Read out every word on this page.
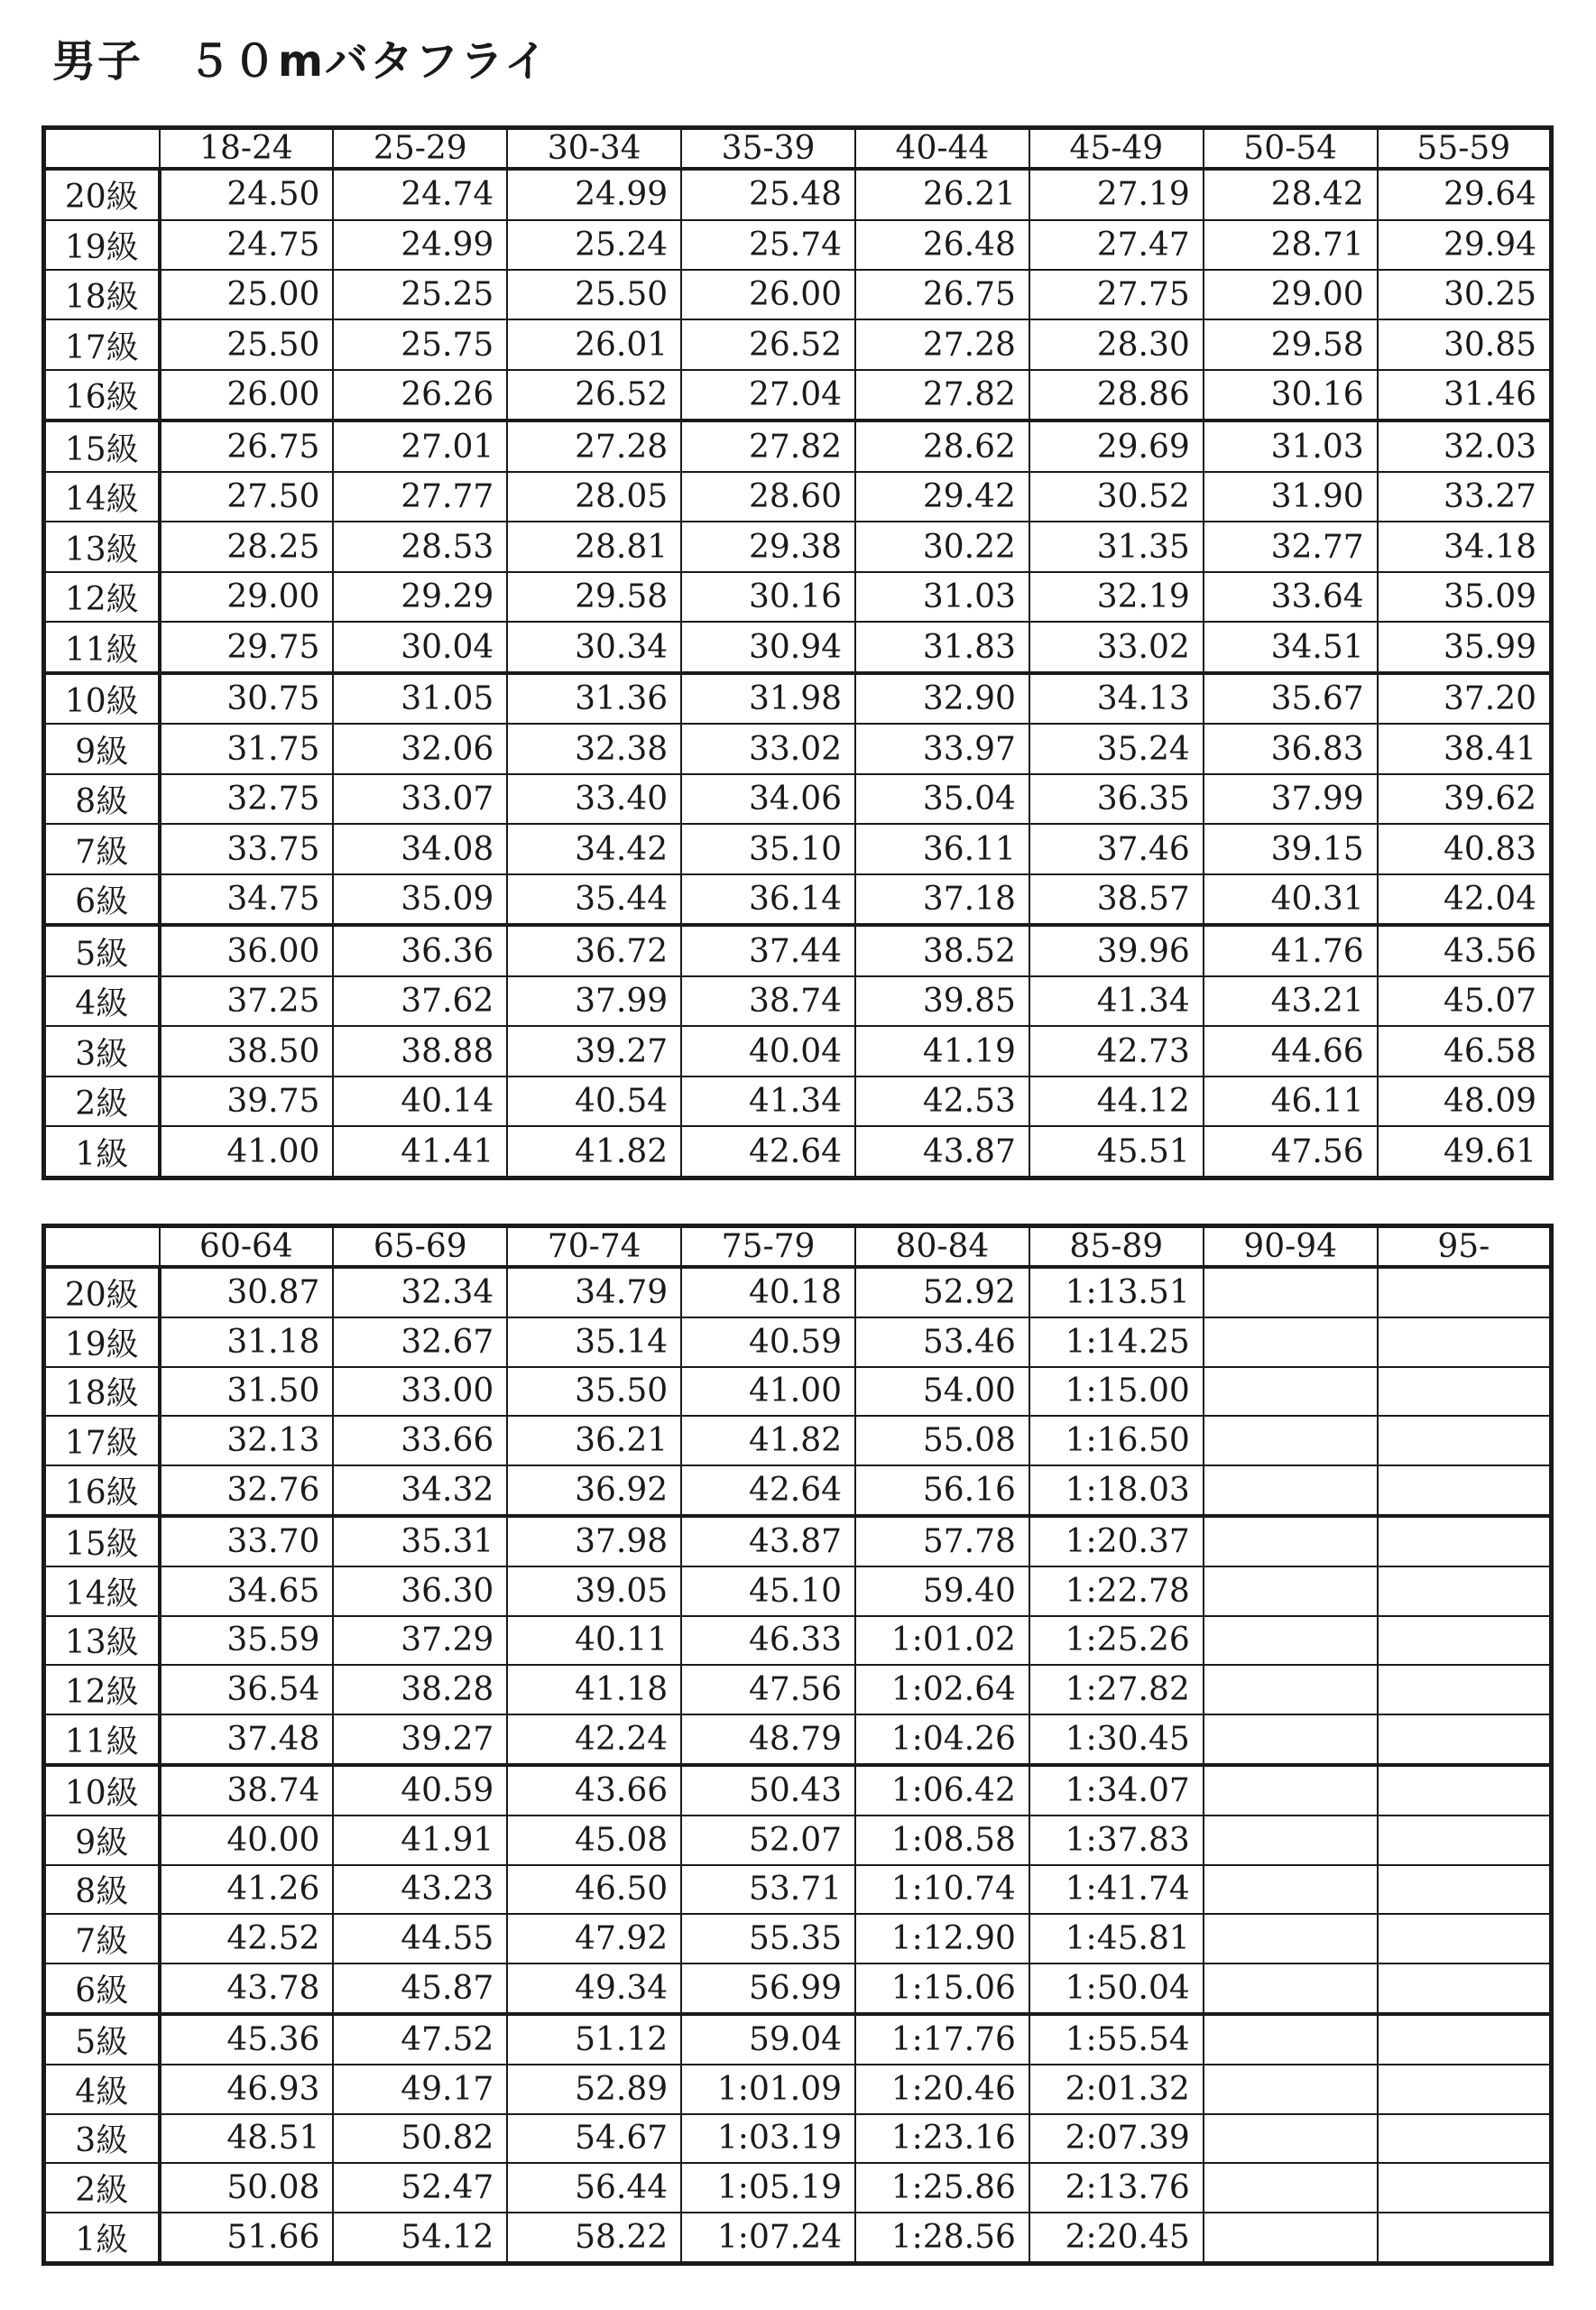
男子　５０mバタフライ
	18-24	25-29	30-34	35-39	40-44	45-49	50-54	55-59
20級	24.50	24.74	24.99	25.48	26.21	27.19	28.42	29.64
19級	24.75	24.99	25.24	25.74	26.48	27.47	28.71	29.94
18級	25.00	25.25	25.50	26.00	26.75	27.75	29.00	30.25
17級	25.50	25.75	26.01	26.52	27.28	28.30	29.58	30.85
16級	26.00	26.26	26.52	27.04	27.82	28.86	30.16	31.46
15級	26.75	27.01	27.28	27.82	28.62	29.69	31.03	32.03
14級	27.50	27.77	28.05	28.60	29.42	30.52	31.90	33.27
13級	28.25	28.53	28.81	29.38	30.22	31.35	32.77	34.18
12級	29.00	29.29	29.58	30.16	31.03	32.19	33.64	35.09
11級	29.75	30.04	30.34	30.94	31.83	33.02	34.51	35.99
10級	30.75	31.05	31.36	31.98	32.90	34.13	35.67	37.20
9級	31.75	32.06	32.38	33.02	33.97	35.24	36.83	38.41
8級	32.75	33.07	33.40	34.06	35.04	36.35	37.99	39.62
7級	33.75	34.08	34.42	35.10	36.11	37.46	39.15	40.83
6級	34.75	35.09	35.44	36.14	37.18	38.57	40.31	42.04
5級	36.00	36.36	36.72	37.44	38.52	39.96	41.76	43.56
4級	37.25	37.62	37.99	38.74	39.85	41.34	43.21	45.07
3級	38.50	38.88	39.27	40.04	41.19	42.73	44.66	46.58
2級	39.75	40.14	40.54	41.34	42.53	44.12	46.11	48.09
1級	41.00	41.41	41.82	42.64	43.87	45.51	47.56	49.61
	60-64	65-69	70-74	75-79	80-84	85-89	90-94	95-
20級	30.87	32.34	34.79	40.18	52.92	1:13.51		
19級	31.18	32.67	35.14	40.59	53.46	1:14.25		
18級	31.50	33.00	35.50	41.00	54.00	1:15.00		
17級	32.13	33.66	36.21	41.82	55.08	1:16.50		
16級	32.76	34.32	36.92	42.64	56.16	1:18.03		
15級	33.70	35.31	37.98	43.87	57.78	1:20.37		
14級	34.65	36.30	39.05	45.10	59.40	1:22.78		
13級	35.59	37.29	40.11	46.33	1:01.02	1:25.26		
12級	36.54	38.28	41.18	47.56	1:02.64	1:27.82		
11級	37.48	39.27	42.24	48.79	1:04.26	1:30.45		
10級	38.74	40.59	43.66	50.43	1:06.42	1:34.07		
9級	40.00	41.91	45.08	52.07	1:08.58	1:37.83		
8級	41.26	43.23	46.50	53.71	1:10.74	1:41.74		
7級	42.52	44.55	47.92	55.35	1:12.90	1:45.81		
6級	43.78	45.87	49.34	56.99	1:15.06	1:50.04		
5級	45.36	47.52	51.12	59.04	1:17.76	1:55.54		
4級	46.93	49.17	52.89	1:01.09	1:20.46	2:01.32		
3級	48.51	50.82	54.67	1:03.19	1:23.16	2:07.39		
2級	50.08	52.47	56.44	1:05.19	1:25.86	2:13.76		
1級	51.66	54.12	58.22	1:07.24	1:28.56	2:20.45		
